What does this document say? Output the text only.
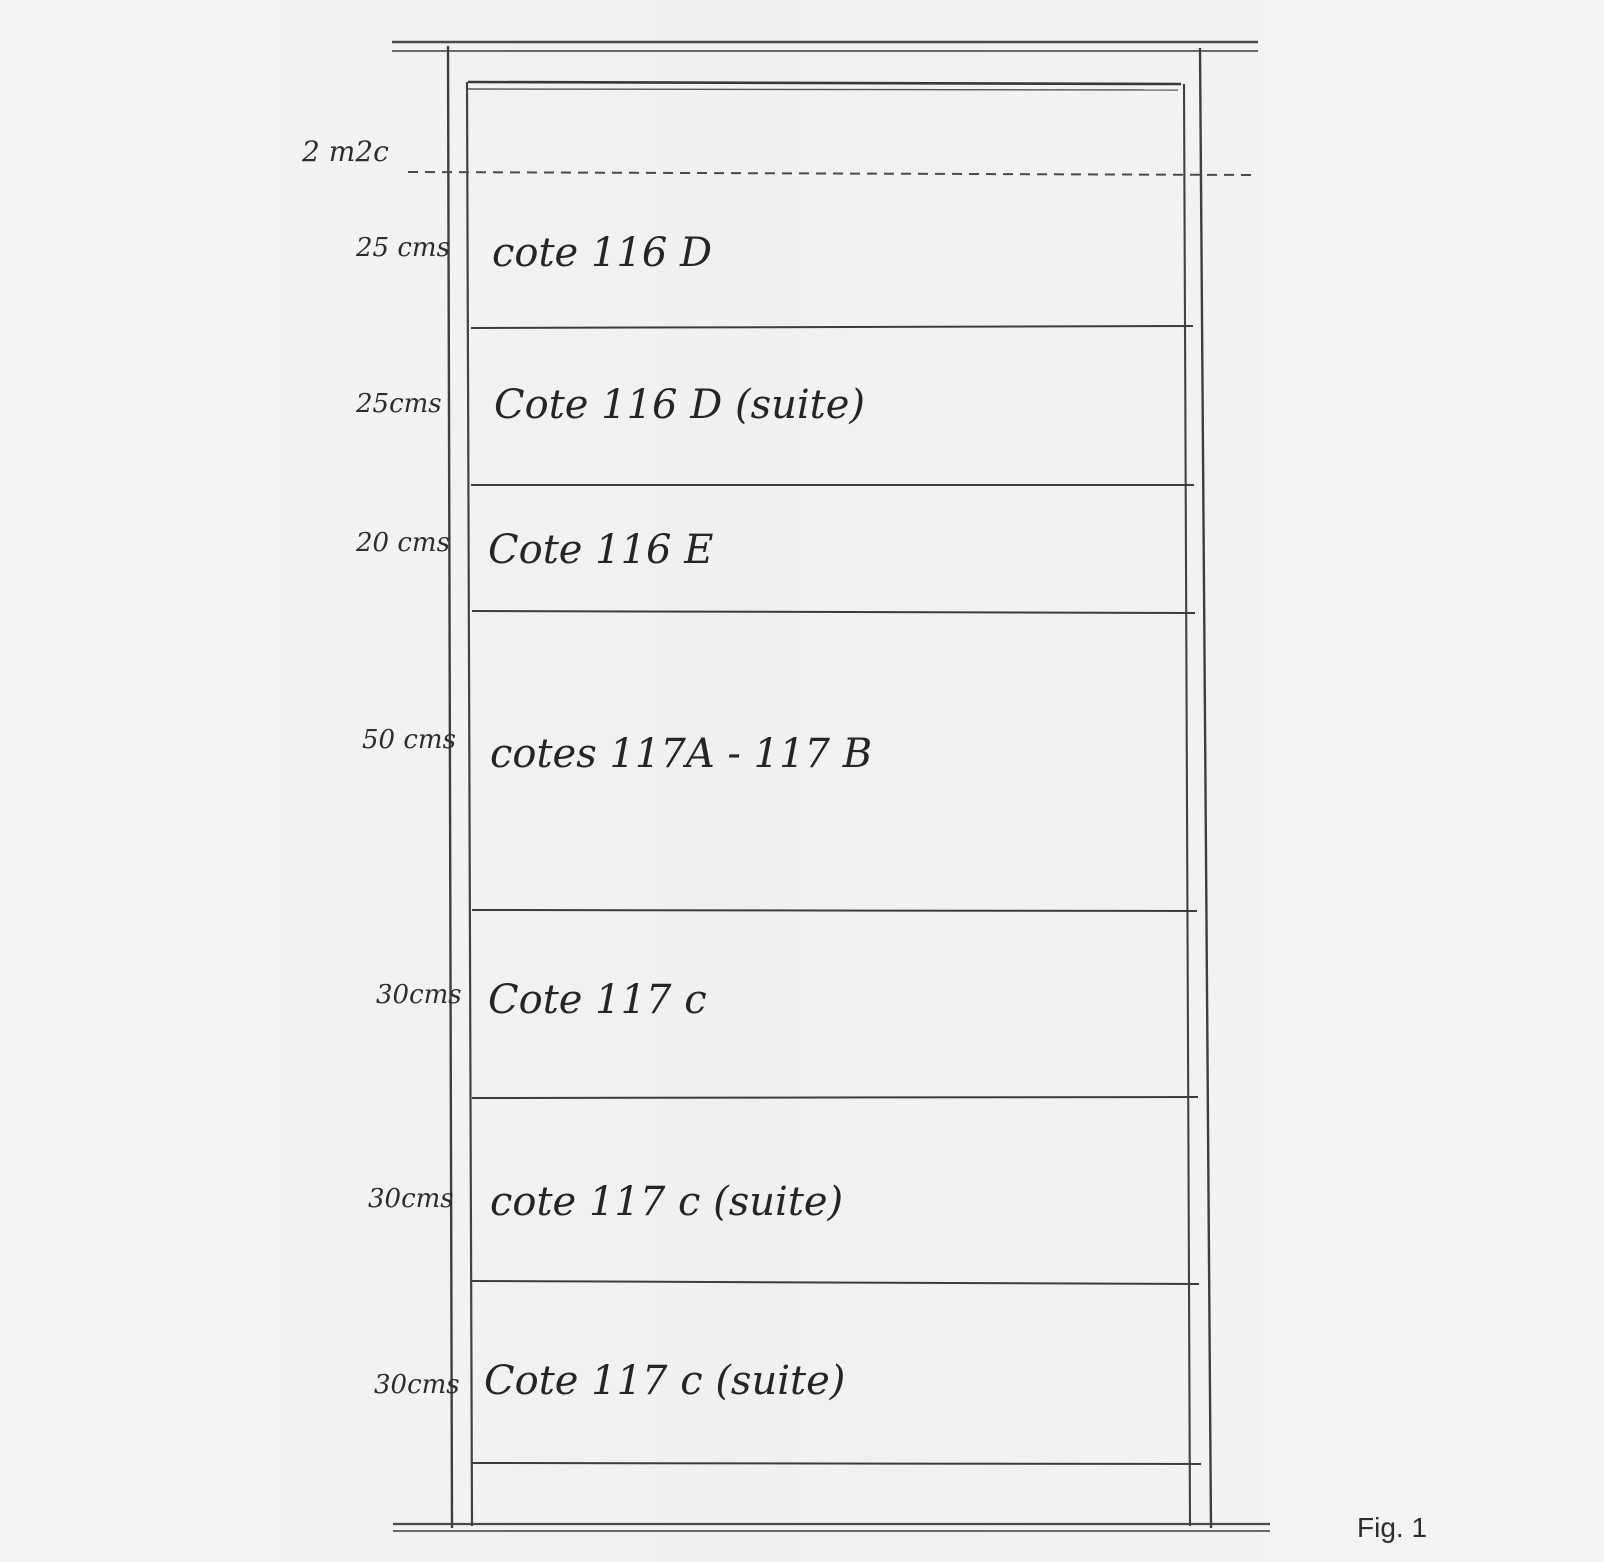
2 m2c
25 cms cote 116 D
25cms Cote 116 D (suite)
20 cms Cote 116 E
50 cms cotes 117A - 117 B
30cms Cote 117 c
30cms cote 117 c (suite)
30cms Cote 117 c (suite)
Fig. 1
